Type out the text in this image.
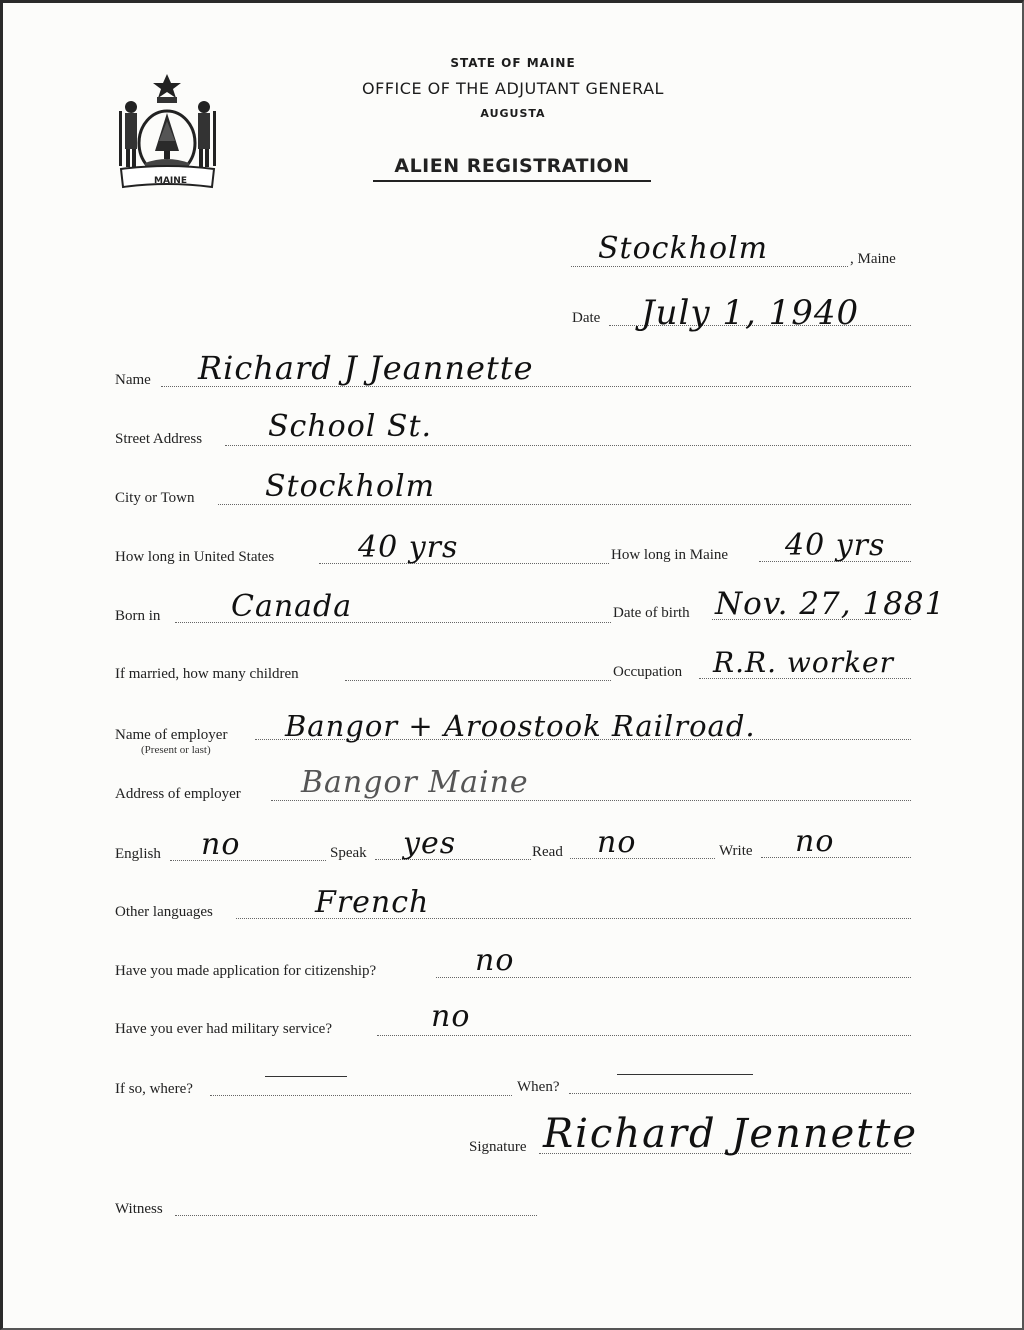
MAINE
STATE OF MAINE
OFFICE OF THE ADJUTANT GENERAL
AUGUSTA
ALIEN REGISTRATION
Stockholm	, Maine
Date July 1, 1940
Name Richard J Jeannette
Street Address School St.
City or Town Stockholm
How long in United States	40 yrs	How long in Maine 40 yrs
Born in Canada	Date of birth Nov. 27, 1881
If married, how many children	Occupation R.R. worker
Name of employer
(Present or last)
Bangor + Aroostook Railroad.
Address of employer Bangor Maine
English no	Speak yes	Read no	Write no
Other languages	French
Have you made application for citizenship?	no
Have you ever had military service?	no
If so, where?	When?
Signature Richard Jennette
Witness
